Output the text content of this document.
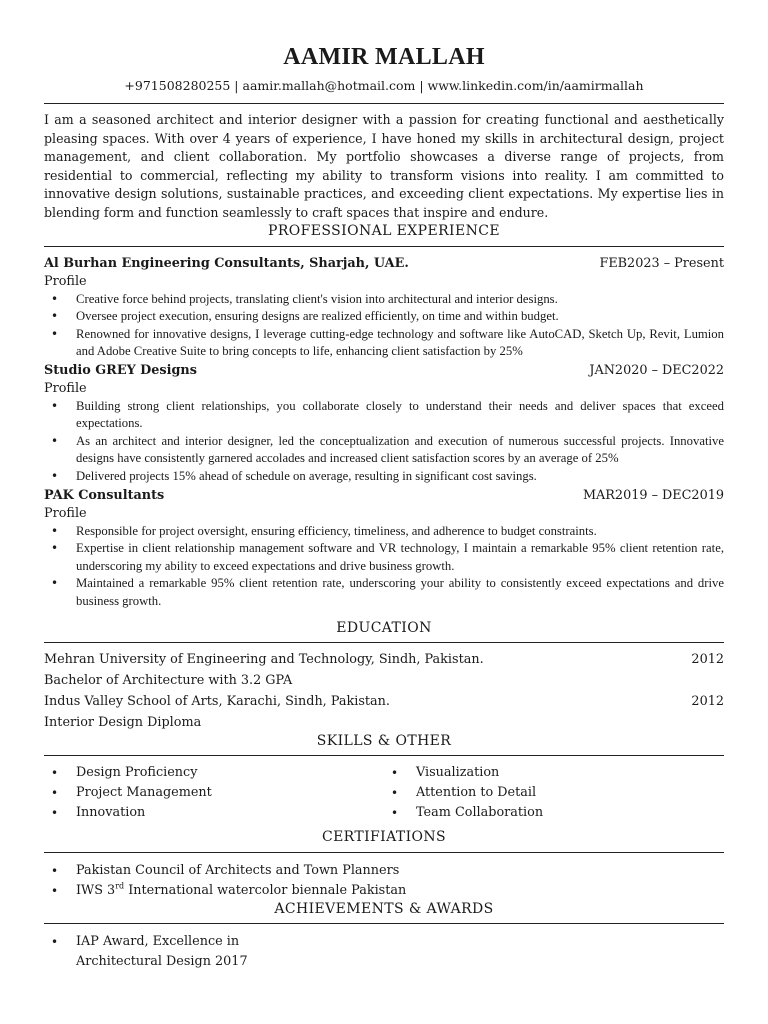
AAMIR MALLAH
+971508280255 | aamir.mallah@hotmail.com | www.linkedin.com/in/aamirmallah
I am a seasoned architect and interior designer with a passion for creating functional and aesthetically pleasing spaces. With over 4 years of experience, I have honed my skills in architectural design, project management, and client collaboration. My portfolio showcases a diverse range of projects, from residential to commercial, reflecting my ability to transform visions into reality. I am committed to innovative design solutions, sustainable practices, and exceeding client expectations. My expertise lies in blending form and function seamlessly to craft spaces that inspire and endure.
PROFESSIONAL EXPERIENCE
Al Burhan Engineering Consultants, Sharjah, UAE.	FEB2023 – Present
Profile
• Creative force behind projects, translating client's vision into architectural and interior designs.
• Oversee project execution, ensuring designs are realized efficiently, on time and within budget.
• Renowned for innovative designs, I leverage cutting-edge technology and software like AutoCAD, Sketch Up, Revit, Lumion and Adobe Creative Suite to bring concepts to life, enhancing client satisfaction by 25%
Studio GREY Designs	JAN2020 – DEC2022
Profile
• Building strong client relationships, you collaborate closely to understand their needs and deliver spaces that exceed expectations.
• As an architect and interior designer, led the conceptualization and execution of numerous successful projects. Innovative designs have consistently garnered accolades and increased client satisfaction scores by an average of 25%
• Delivered projects 15% ahead of schedule on average, resulting in significant cost savings.
PAK Consultants	MAR2019 – DEC2019
Profile
• Responsible for project oversight, ensuring efficiency, timeliness, and adherence to budget constraints.
• Expertise in client relationship management software and VR technology, I maintain a remarkable 95% client retention rate, underscoring my ability to exceed expectations and drive business growth.
• Maintained a remarkable 95% client retention rate, underscoring your ability to consistently exceed expectations and drive business growth.
EDUCATION
Mehran University of Engineering and Technology, Sindh, Pakistan.	2012
Bachelor of Architecture with 3.2 GPA
Indus Valley School of Arts, Karachi, Sindh, Pakistan.	2012
Interior Design Diploma
SKILLS & OTHER
• Design Proficiency
• Project Management
• Innovation
• Visualization
• Attention to Detail
• Team Collaboration
CERTIFIATIONS
• Pakistan Council of Architects and Town Planners
• IWS 3rd International watercolor biennale Pakistan
ACHIEVEMENTS & AWARDS
• IAP Award, Excellence in
Architectural Design 2017
